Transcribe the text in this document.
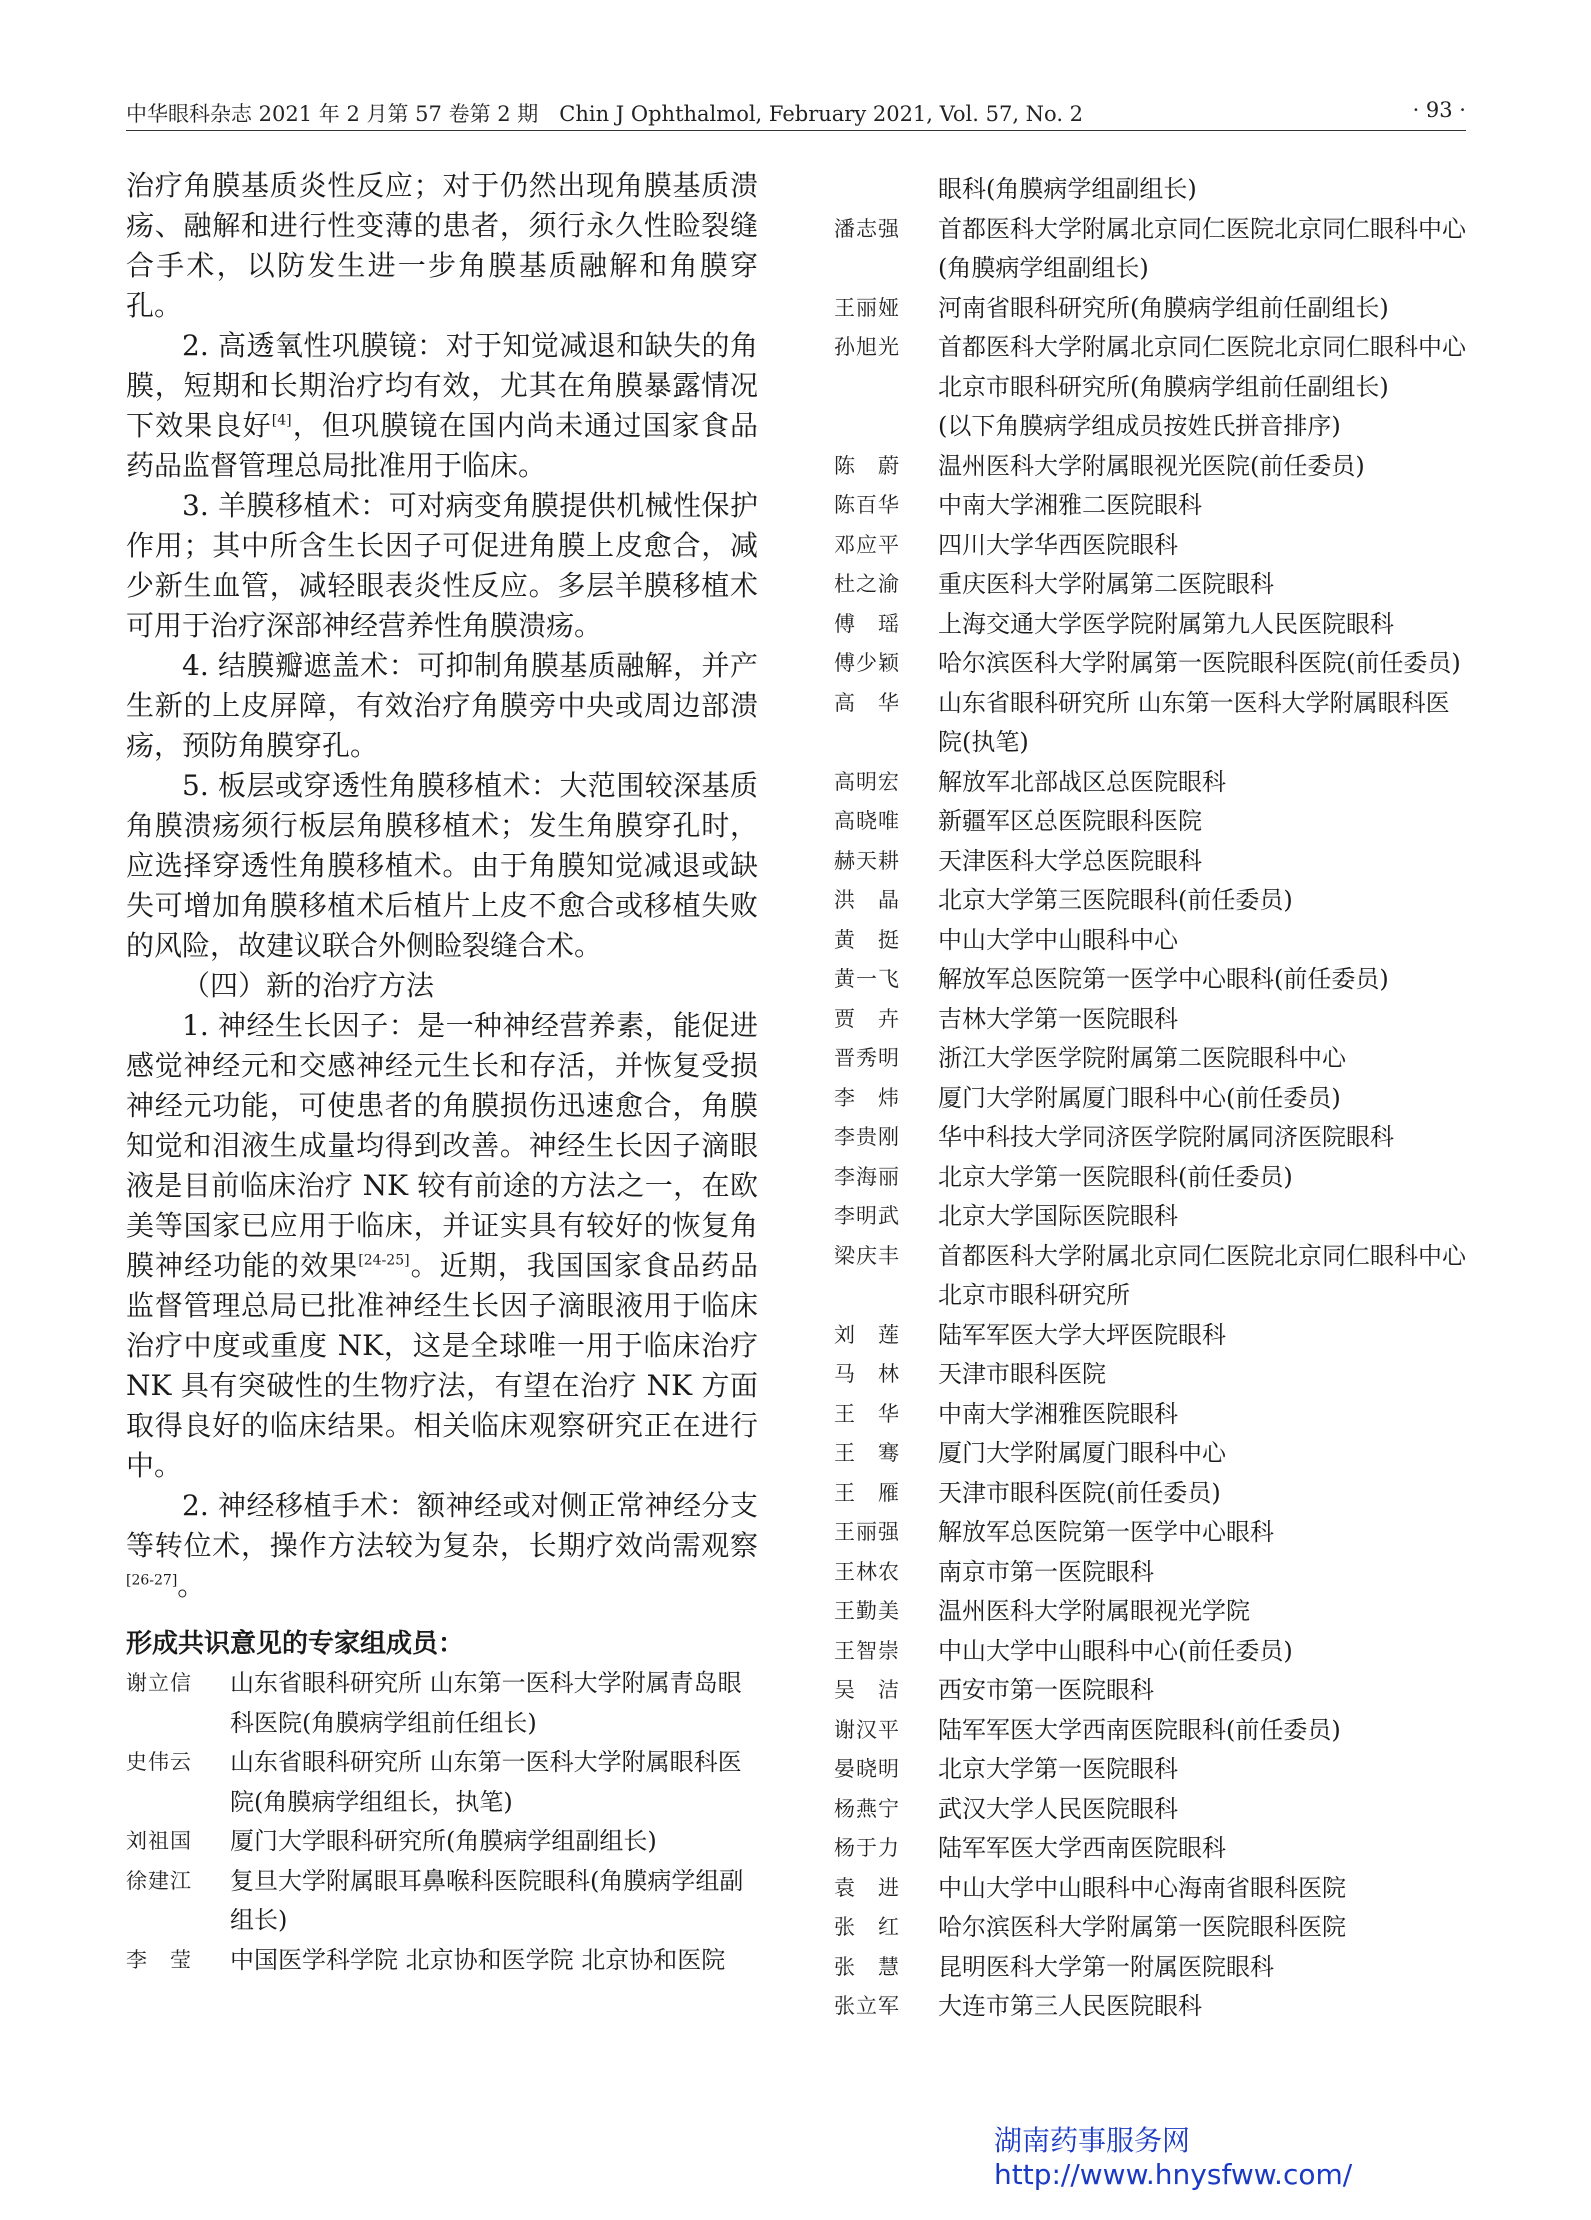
中华眼科杂志 2021 年 2 月第 57 卷第 2 期　Chin J Ophthalmol, February 2021, Vol. 57, No. 2	· 93 ·

治疗角膜基质炎性反应；对于仍然出现角膜基质溃疡、融解和进行性变薄的患者，须行永久性睑裂缝合手术，以防发生进一步角膜基质融解和角膜穿孔。

2. 高透氧性巩膜镜：对于知觉减退和缺失的角膜，短期和长期治疗均有效，尤其在角膜暴露情况下效果良好[4]，但巩膜镜在国内尚未通过国家食品药品监督管理总局批准用于临床。

3. 羊膜移植术：可对病变角膜提供机械性保护作用；其中所含生长因子可促进角膜上皮愈合，减少新生血管，减轻眼表炎性反应。多层羊膜移植术可用于治疗深部神经营养性角膜溃疡。

4. 结膜瓣遮盖术：可抑制角膜基质融解，并产生新的上皮屏障，有效治疗角膜旁中央或周边部溃疡，预防角膜穿孔。

5. 板层或穿透性角膜移植术：大范围较深基质角膜溃疡须行板层角膜移植术；发生角膜穿孔时，应选择穿透性角膜移植术。由于角膜知觉减退或缺失可增加角膜移植术后植片上皮不愈合或移植失败的风险，故建议联合外侧睑裂缝合术。

（四）新的治疗方法

1. 神经生长因子：是一种神经营养素，能促进感觉神经元和交感神经元生长和存活，并恢复受损神经元功能，可使患者的角膜损伤迅速愈合，角膜知觉和泪液生成量均得到改善。神经生长因子滴眼液是目前临床治疗 NK 较有前途的方法之一，在欧美等国家已应用于临床，并证实具有较好的恢复角膜神经功能的效果[24-25]。近期，我国国家食品药品监督管理总局已批准神经生长因子滴眼液用于临床治疗中度或重度 NK，这是全球唯一用于临床治疗 NK 具有突破性的生物疗法，有望在治疗 NK 方面取得良好的临床结果。相关临床观察研究正在进行中。

2. 神经移植手术：额神经或对侧正常神经分支等转位术，操作方法较为复杂，长期疗效尚需观察[26-27]。

形成共识意见的专家组成员：

谢立信	山东省眼科研究所 山东第一医科大学附属青岛眼科医院(角膜病学组前任组长)
史伟云	山东省眼科研究所 山东第一医科大学附属眼科医院(角膜病学组组长，执笔)
刘祖国	厦门大学眼科研究所(角膜病学组副组长)
徐建江	复旦大学附属眼耳鼻喉科医院眼科(角膜病学组副组长)
李　莹	中国医学科学院 北京协和医学院 北京协和医院
眼科(角膜病学组副组长)
潘志强	首都医科大学附属北京同仁医院北京同仁眼科中心(角膜病学组副组长)
王丽娅	河南省眼科研究所(角膜病学组前任副组长)
孙旭光	首都医科大学附属北京同仁医院北京同仁眼科中心 北京市眼科研究所(角膜病学组前任副组长)
(以下角膜病学组成员按姓氏拼音排序)
陈　蔚	温州医科大学附属眼视光医院(前任委员)
陈百华	中南大学湘雅二医院眼科
邓应平	四川大学华西医院眼科
杜之渝	重庆医科大学附属第二医院眼科
傅　瑶	上海交通大学医学院附属第九人民医院眼科
傅少颖	哈尔滨医科大学附属第一医院眼科医院(前任委员)
高　华	山东省眼科研究所 山东第一医科大学附属眼科医院(执笔)
高明宏	解放军北部战区总医院眼科
高晓唯	新疆军区总医院眼科医院
赫天耕	天津医科大学总医院眼科
洪　晶	北京大学第三医院眼科(前任委员)
黄　挺	中山大学中山眼科中心
黄一飞	解放军总医院第一医学中心眼科(前任委员)
贾　卉	吉林大学第一医院眼科
晋秀明	浙江大学医学院附属第二医院眼科中心
李　炜	厦门大学附属厦门眼科中心(前任委员)
李贵刚	华中科技大学同济医学院附属同济医院眼科
李海丽	北京大学第一医院眼科(前任委员)
李明武	北京大学国际医院眼科
梁庆丰	首都医科大学附属北京同仁医院北京同仁眼科中心 北京市眼科研究所
刘　莲	陆军军医大学大坪医院眼科
马　林	天津市眼科医院
王　华	中南大学湘雅医院眼科
王　骞	厦门大学附属厦门眼科中心
王　雁	天津市眼科医院(前任委员)
王丽强	解放军总医院第一医学中心眼科
王林农	南京市第一医院眼科
王勤美	温州医科大学附属眼视光学院
王智崇	中山大学中山眼科中心(前任委员)
吴　洁	西安市第一医院眼科
谢汉平	陆军军医大学西南医院眼科(前任委员)
晏晓明	北京大学第一医院眼科
杨燕宁	武汉大学人民医院眼科
杨于力	陆军军医大学西南医院眼科
袁　进	中山大学中山眼科中心海南省眼科医院
张　红	哈尔滨医科大学附属第一医院眼科医院
张　慧	昆明医科大学第一附属医院眼科
张立军	大连市第三人民医院眼科
湖南药事服务网
http://www.hnysfww.com/
